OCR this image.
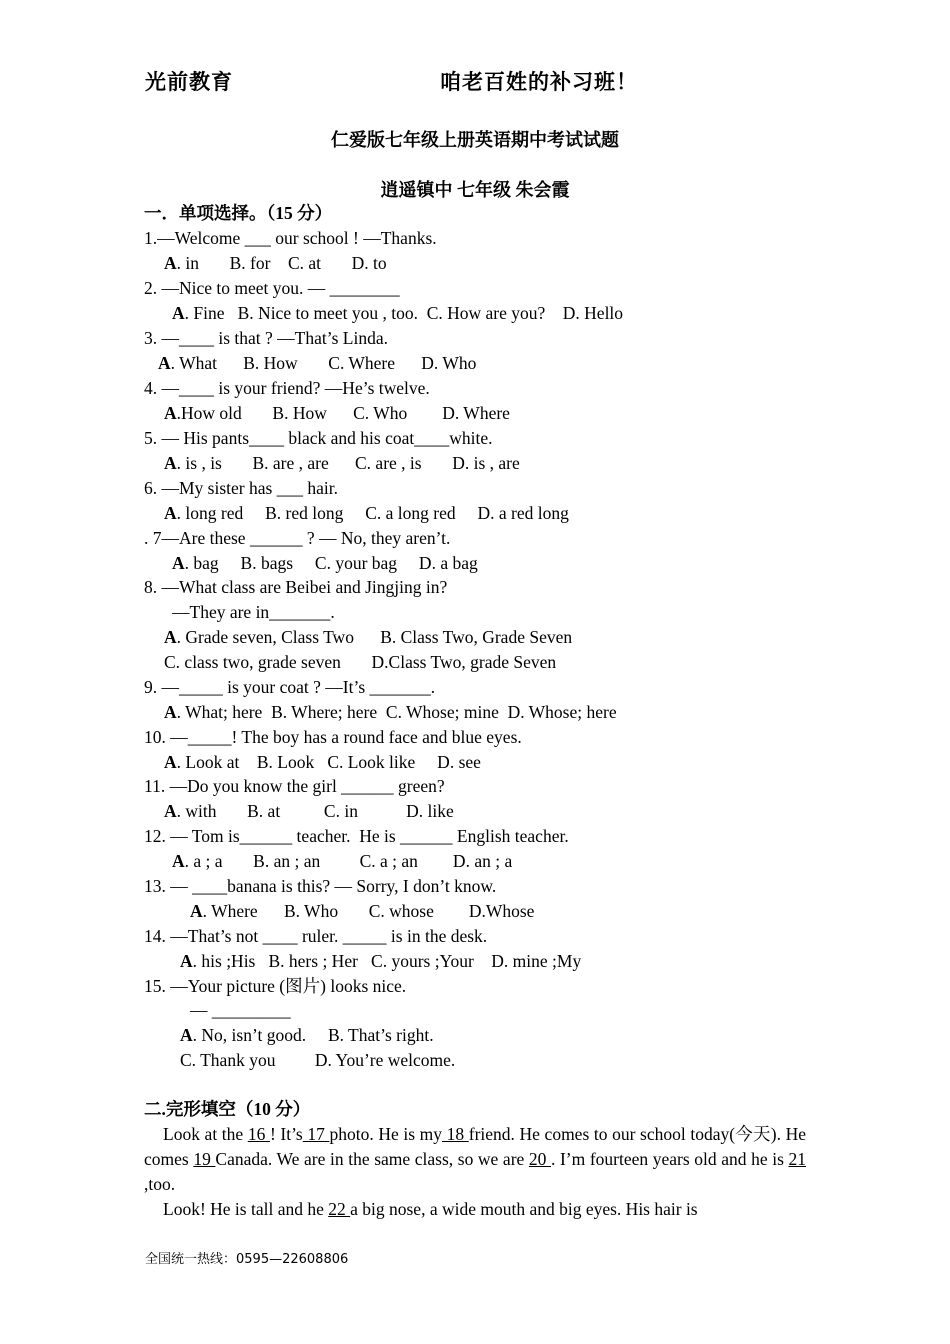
光前教育	咱老百姓的补习班！
仁爱版七年级上册英语期中考试试题
逍遥镇中 七年级 朱会霞
一．单项选择。（15 分）
1.—Welcome ___ our school ! —Thanks.
A. in       B. for    C. at       D. to
2. —Nice to meet you. — ________
A. Fine   B. Nice to meet you , too.  C. How are you?    D. Hello
3. —____ is that ? —That’s Linda.
A. What      B. How       C. Where      D. Who
4. —____ is your friend? —He’s twelve.
A.How old       B. How      C. Who        D. Where
5. — His pants____ black and his coat____white.
A. is , is       B. are , are      C. are , is       D. is , are
6. —My sister has ___ hair.
A. long red     B. red long     C. a long red     D. a red long
. 7—Are these ______ ? — No, they aren’t.
A. bag     B. bags     C. your bag     D. a bag
8. —What class are Beibei and Jingjing in?
—They are in_______.
A. Grade seven, Class Two      B. Class Two, Grade Seven
C. class two, grade seven       D.Class Two, grade Seven
9. —_____ is your coat ? —It’s _______.
A. What; here  B. Where; here  C. Whose; mine  D. Whose; here
10. —_____! The boy has a round face and blue eyes.
A. Look at    B. Look   C. Look like     D. see
11. —Do you know the girl ______ green?
A. with       B. at          C. in           D. like
12. — Tom is______ teacher.  He is ______ English teacher.
A. a ; a       B. an ; an         C. a ; an        D. an ; a
13. — ____banana is this? — Sorry, I don’t know.
A. Where      B. Who       C. whose        D.Whose
14. —That’s not ____ ruler. _____ is in the desk.
A. his ;His   B. hers ; Her   C. yours ;Your    D. mine ;My
15. —Your picture (图片) looks nice.
— _________
A. No, isn’t good.     B. That’s right.
C. Thank you         D. You’re welcome.
二.完形填空（10 分）
Look at the 16 ! It’s 17 photo. He is my 18 friend. He comes to our school today(今天). He comes 19 Canada. We are in the same class, so we are 20 . I’m fourteen years old and he is 21 ,too.
Look! He is tall and he 22 a big nose, a wide mouth and big eyes. His hair is
全国统一热线：0595—22608806
